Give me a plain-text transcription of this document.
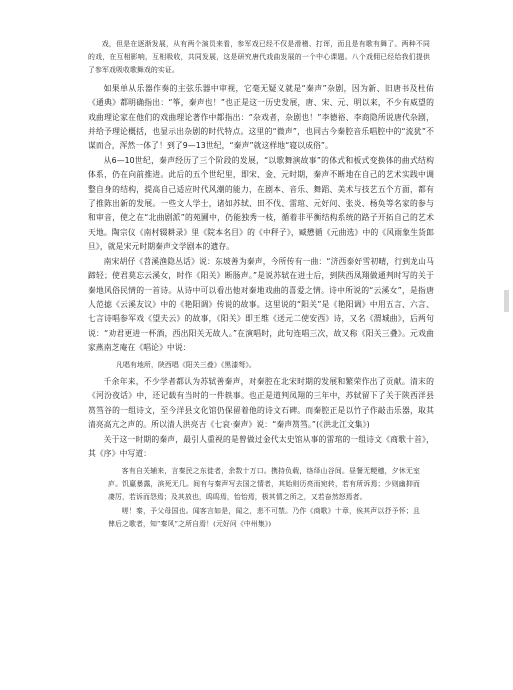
戏，但是在逐渐发展，从有两个演员来看，参军戏已经不仅是滑稽、打诨，而且是有歌有舞了。两种不同的戏，在互相影响，互相吸收，共同发展，这是研究唐代戏曲发展的一个中心课题。八个戏佣已经给我们提供了参军戏吸收歌舞戏的实证。

如果单从乐器作奏的主弦乐器中审视，它毫无疑义就是“秦声”杂剧，因为新、旧唐书及杜佑《通典》都明确指出：“筝，秦声也！”也正是这一历史发展，唐、宋、元、明以来，不少有威望的戏曲理论家在他们的戏曲理论著作中都指出：“杂戏者，杂剧也！”李德裕、李商隐所说唐代杂剧，并给予理论概括，也显示出杂剧的时代特点。这里的“微声”，也同古今秦腔音乐唱腔中的“流犹”不谋而合，浑然一体了！到了9—13世纪，“秦声”就这样地“寝以成俗”。

从6—10世纪，秦声经历了三个阶段的发展，“以歌舞演故事”的体式和板式变换体的曲式结构体系，仍在向前推进。此后的五个世纪里，即宋、金、元时期，秦声不断地在自己的艺术实践中调整自身的结构，提高自己适应时代风潮的能力，在剧本、音乐、舞蹈、美术与技艺五个方面，都有了推陈出新的发展。一些文人学士，诸如苏轼、田不伐、雷琯、元好问、张炎、杨奂等名家的参与和审音，使之在“北曲剧派”的苑圃中，仍能独秀一枝，循着非平衡结构系统的路子开拓自己的艺术天地。陶宗仪《南村辍耕录》里《院本名目》的《中秤子》，臧懋循《元曲选》中的《风雨象生货郎旦》，就是宋元时期秦声文学剧本的遗存。

南宋胡仔《苕溪渔隐丛话》说：东坡善为秦声，今所传有一曲：“济西泰好雪初晴，行到龙山马蹄轻；使君莫忘云溪女，时作《阳关》断肠声。”是说苏轼在进士后，到陕西凤翔做通判时写的关于秦地风俗民情的一首诗。从诗中可以看出他对秦地戏曲的喜爱之情。诗中所说的“云溪女”，是指唐人范摅《云溪友议》中的《艳阳调》传说的故事。这里说的“阳关”是《艳阳调》中用五言、六言、七言诗唱参军戏《望夫云》的故事，《阳关》即王维《送元二使安西》诗，又名《渭城曲》，后两句说：“劝君更进一杯酒，西出阳关无故人。”在演唱时，此句连唱三次，故又称《阳关三叠》。元戏曲家燕南芝庵在《唱论》中说：

凡唱有地所，陕西唱《阳关三叠》《黑漆弩》。

千余年来，不少学者都认为苏轼善秦声，对秦腔在北宋时期的发展和繁荣作出了贡献。清末的《河汾夜话》中，还记载有当时的一件轶事。也正是道判凤翔的三年中，苏轼留下了关于陕西洋县筼筜谷的一组诗文，至今洋县文化馆仍保留着他的诗文石碑。而秦腔正是以竹子作敲击乐器，取其清亮高亢之声的。所以清人洪亮吉《七哀·秦声》说：“秦声筼筜。”(《洪北江文集》)

关于这一时期的秦声，最引人重视的是曾做过金代太史馆从事的雷琯的一组诗文《商歌十首》，其《序》中写道：

客有自关辅来，言秦民之东徙者，余数十万口。携持负载，络绎山谷间。昼餐无粳穗，夕休无室庐。饥羸暴露，滨死无几。间有与秦声写去国之情者，其始则历亮而宛转，若有所诉焉；少则幽抑而凄厉，若诉而怨焉；及其放也，呜呜焉，怡怡焉，极其情之所之，又若奋然怒焉者。

嗟！秦，予父母国也。闻客言如是，闻之，悲不可禁。乃作《商歌》十章，俟其声以抒予怀；且俾后之歌者，知“秦风”之所自焉！(元好问《中州集》)
